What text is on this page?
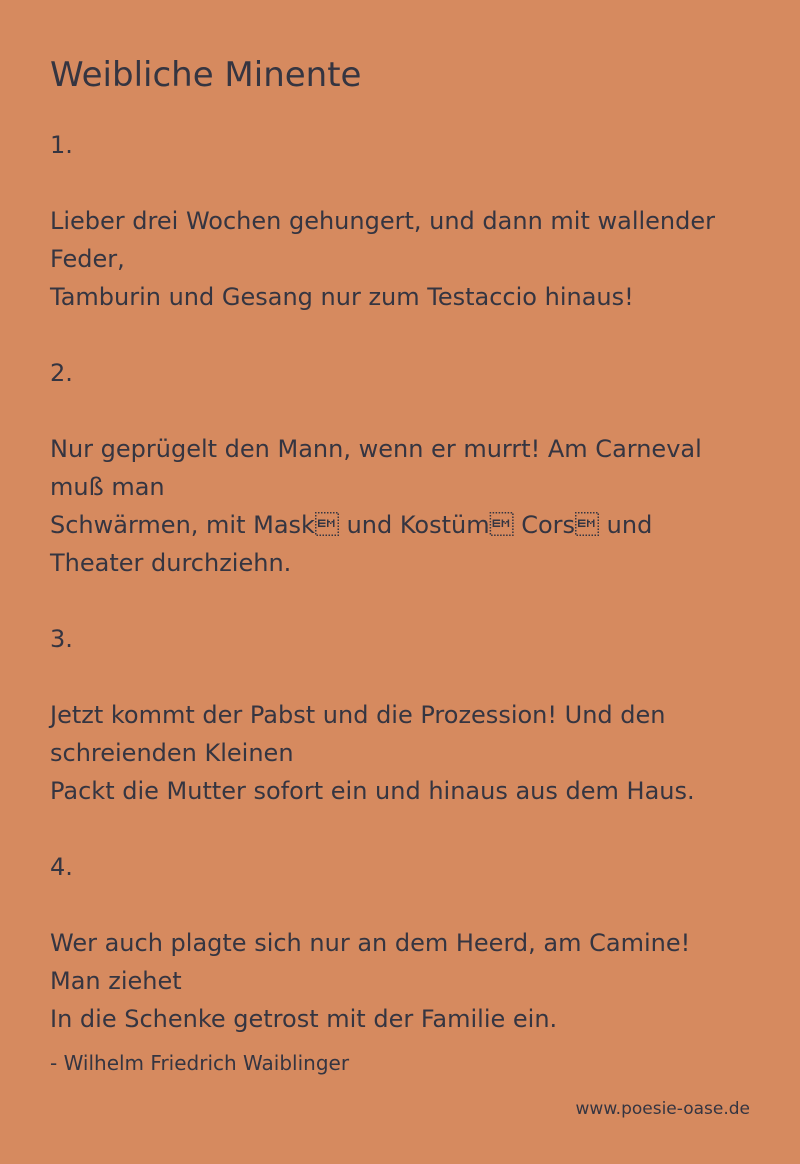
Weibliche Minente
1.
Lieber drei Wochen gehungert, und dann mit wallender
Feder,
Tamburin und Gesang nur zum Testaccio hinaus!
2.
Nur geprügelt den Mann, wenn er murrt! Am Carneval
muß man
Schwärmen, mit Mask und Kostüm Cors und
Theater durchziehn.
3.
Jetzt kommt der Pabst und die Prozession! Und den
schreienden Kleinen
Packt die Mutter sofort ein und hinaus aus dem Haus.
4.
Wer auch plagte sich nur an dem Heerd, am Camine!
Man ziehet
In die Schenke getrost mit der Familie ein.
- Wilhelm Friedrich Waiblinger
www.poesie-oase.de
